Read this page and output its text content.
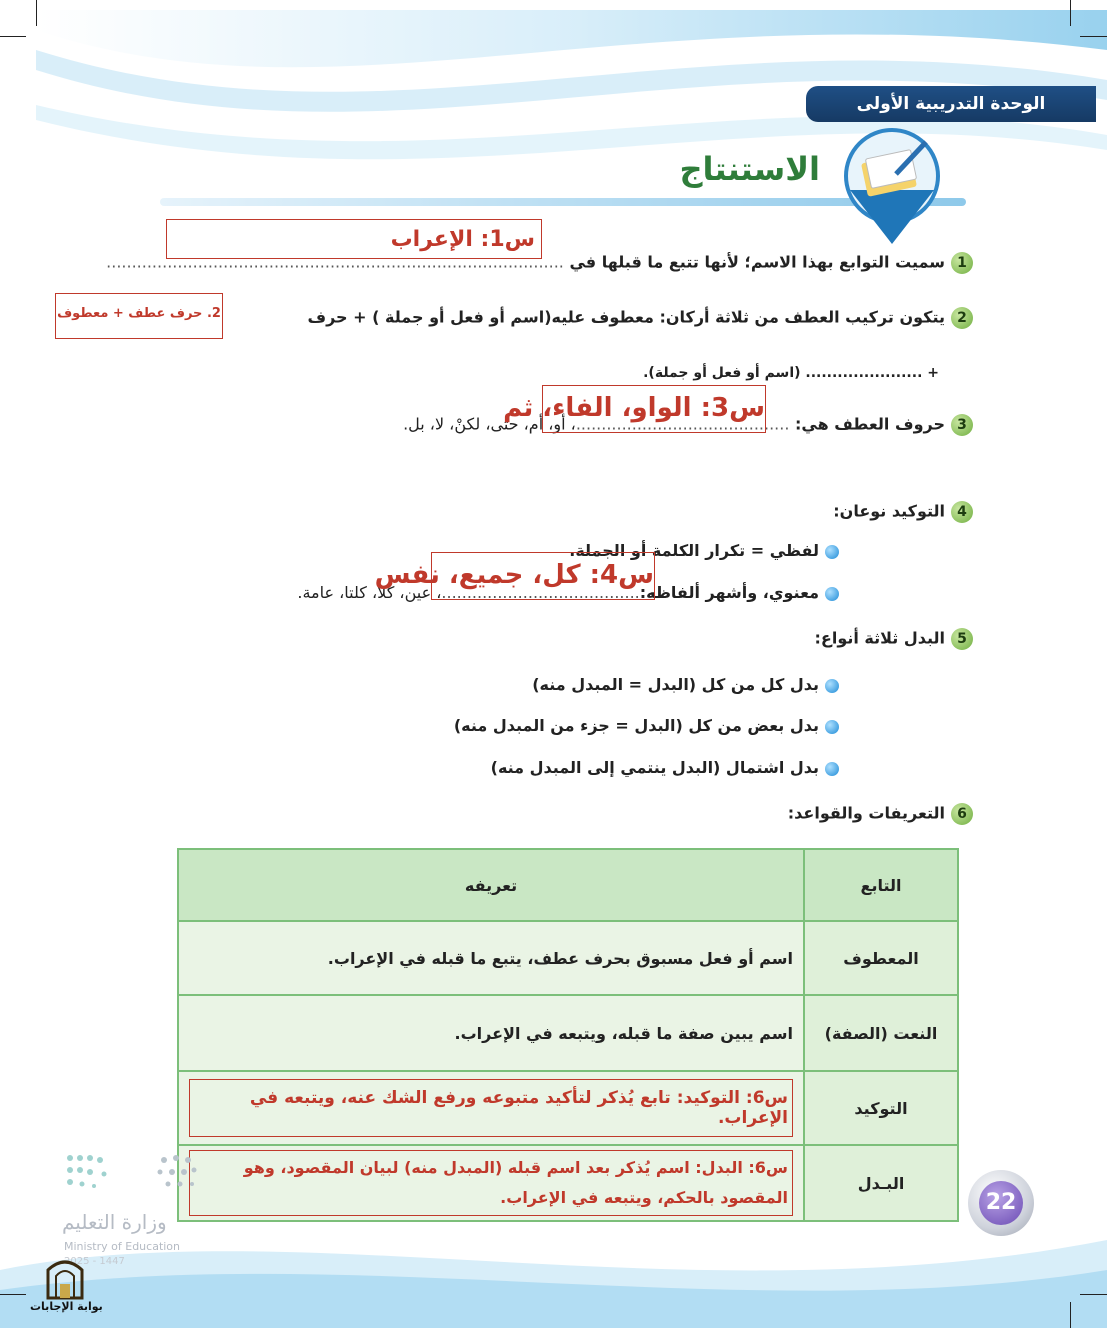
الوحدة التدريبية الأولى
الاستنتاج
1سميت التوابع بهذا الاسم؛ لأنها تتبع ما قبلها في ..........................................................................................
س1: الإعراب
2يتكون تركيب العطف من ثلاثة أركان: معطوف عليه(اسم أو فعل أو جملة ) + حرف
2. حرف عطف + معطوف
+ ...................... (اسم أو فعل أو جملة).
3حروف العطف هي: ..........................................، أو، أم، حتى، لكنْ، لا، بل.
س3: الواو، الفاء، ثم
4التوكيد نوعان:
لفظي = تكرار الكلمة أو الجملة.
معنوي، وأشهر ألفاظه:.......................................، عين، كلا، كلتا، عامة.
س4: كل، جميع، نفس
5البدل ثلاثة أنواع:
بدل كل من كل (البدل = المبدل منه)
بدل بعض من كل (البدل = جزء من المبدل منه)
بدل اشتمال (البدل ينتمي إلى المبدل منه)
6التعريفات والقواعد:
التابع	تعريفه
المعطوف	اسم أو فعل مسبوق بحرف عطف، يتبع ما قبله في الإعراب.
النعت (الصفة)	اسم يبين صفة ما قبله، ويتبعه في الإعراب.
التوكيد	س6: التوكيد: تابع يُذكر لتأكيد متبوعه ورفع الشك عنه، ويتبعه في الإعراب.

البـدل	س6: البدل: اسم يُذكر بعد اسم قبله (المبدل منه) لبيان المقصود، وهو المقصود بالحكم، ويتبعه في الإعراب.	22
وزارة التعليم
Ministry of Education
2025 - 1447
بوابة الإجابات
